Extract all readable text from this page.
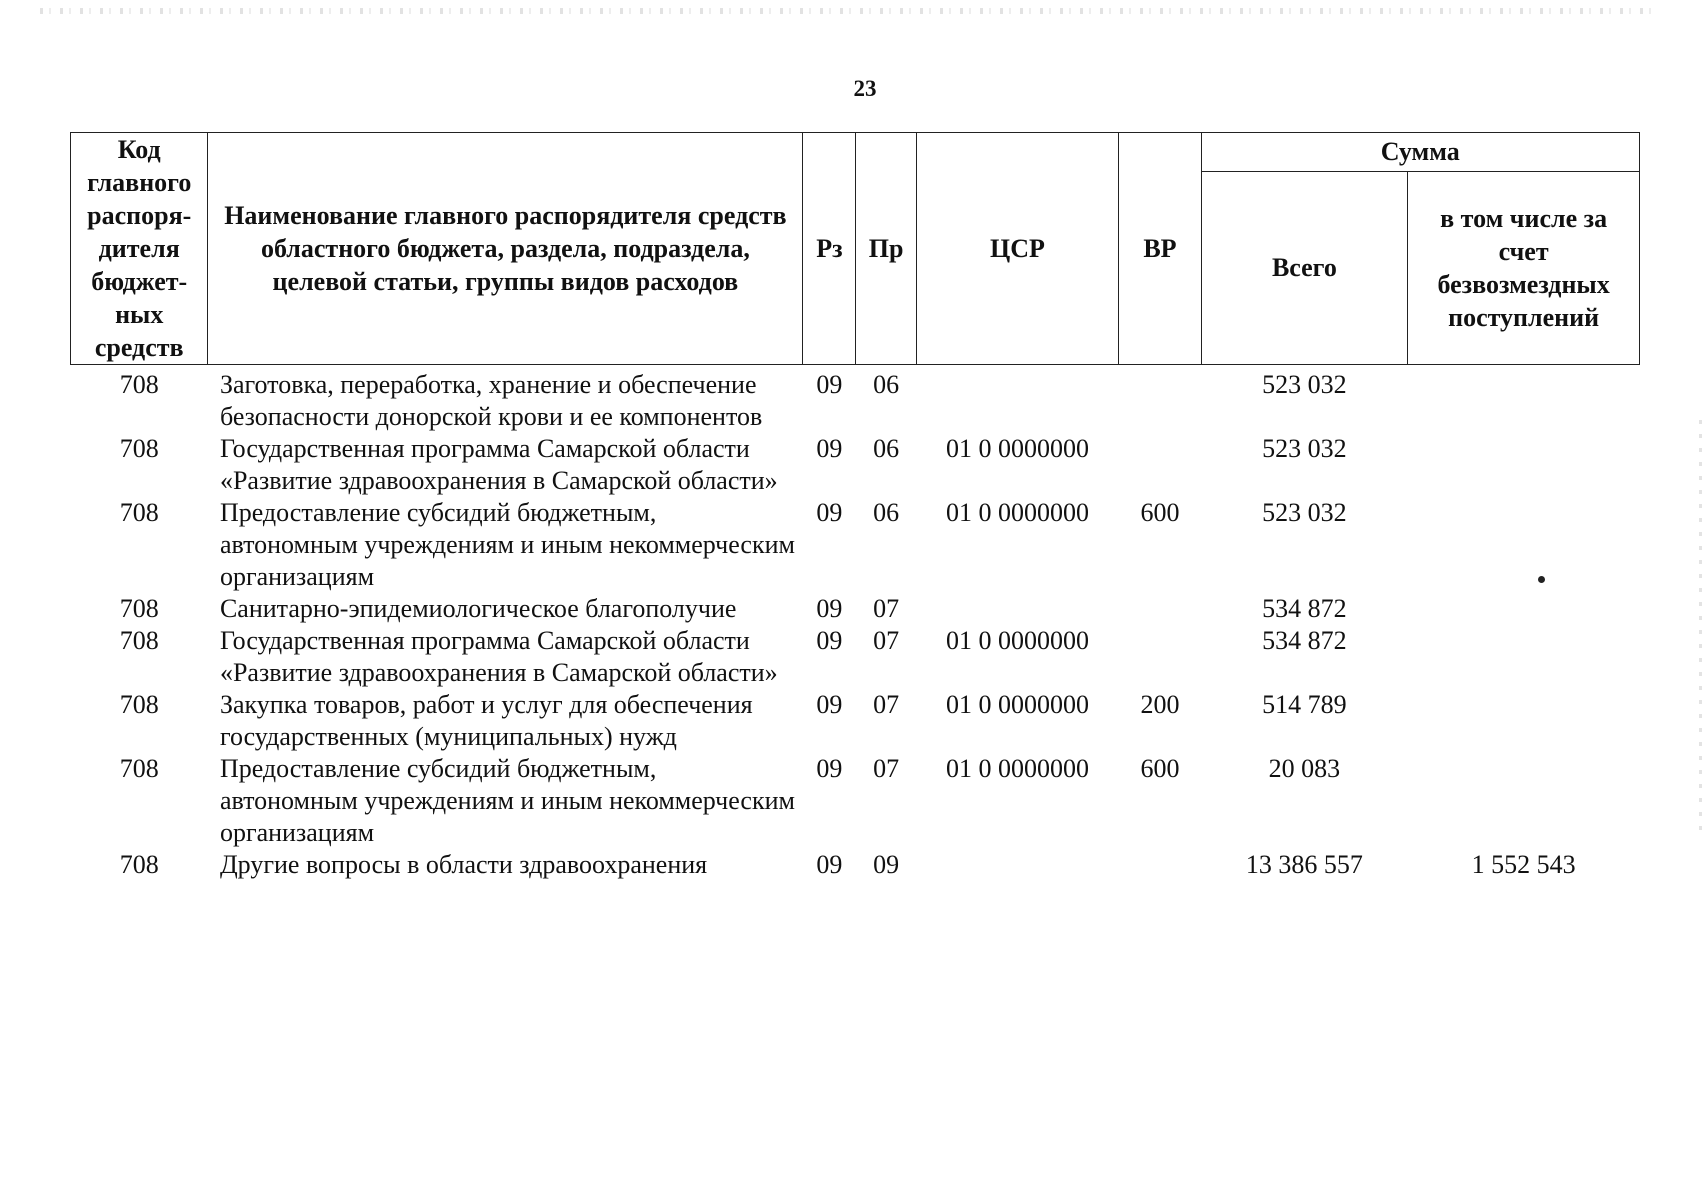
23
Код главного распоря-дителя бюджет-ных средств	Наименование главного распорядителя средств областного бюджета, раздела, подраздела, целевой статьи, группы видов расходов	Рз	Пр	ЦСР	ВР	Сумма	
						Всего	в том числе за счет безвозмездных поступлений
708	Заготовка, переработка, хранение и обеспечение безопасности донорской крови и ее компонентов	09	06			523 032	
708	Государственная программа Самарской области «Развитие здравоохранения в Самарской области»	09	06	01 0 0000000		523 032	
708	Предоставление субсидий бюджетным, автономным учреждениям и иным некоммерческим организациям	09	06	01 0 0000000	600	523 032	
708	Санитарно-эпидемиологическое благополучие	09	07			534 872	
708	Государственная программа Самарской области «Развитие здравоохранения в Самарской области»	09	07	01 0 0000000		534 872	
708	Закупка товаров, работ и услуг для обеспечения государственных (муниципальных) нужд	09	07	01 0 0000000	200	514 789	
708	Предоставление субсидий бюджетным, автономным учреждениям и иным некоммерческим организациям	09	07	01 0 0000000	600	20 083	
708	Другие вопросы в области здравоохранения	09	09			13 386 557	1 552 543
